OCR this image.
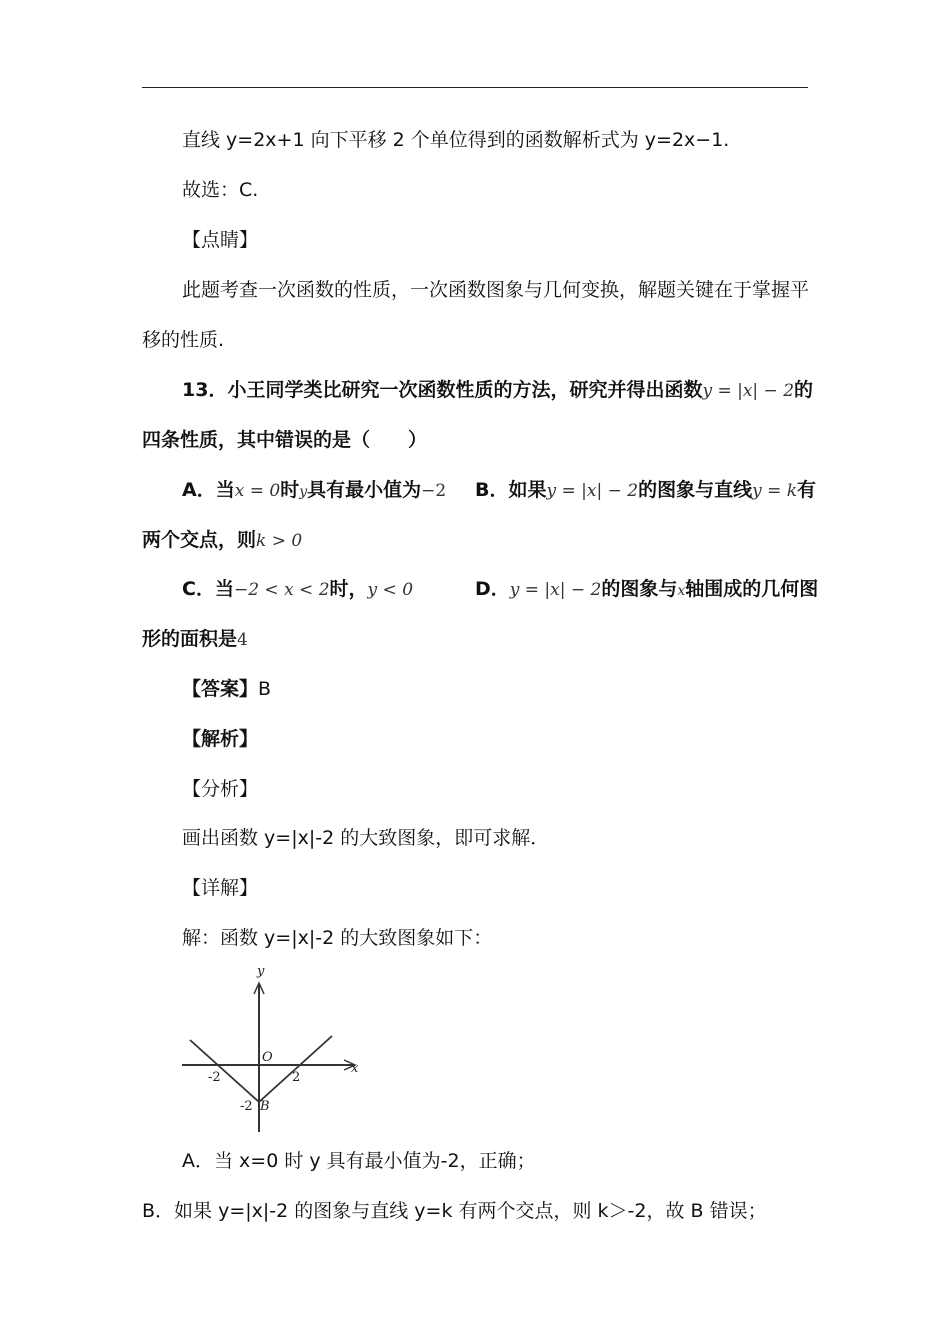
直线 y=2x+1 向下平移 2 个单位得到的函数解析式为 y=2x−1.
故选：C.
【点睛】
此题考查一次函数的性质，一次函数图象与几何变换，解题关键在于掌握平
移的性质.
13．小王同学类比研究一次函数性质的方法，研究并得出函数y = |x| − 2的
四条性质，其中错误的是（　　）
A．当x = 0时y具有最小值为−2 B．如果y = |x| − 2的图象与直线y = k有
两个交点，则k > 0
C．当−2 < x < 2时，y < 0	D．y = |x| − 2的图象与x轴围成的几何图
形的面积是4
【答案】B
【解析】
【分析】
画出函数 y=|x|-2 的大致图象，即可求解．
【详解】
解：函数 y=|x|-2 的大致图象如下：
y
x
O
-2	2
-2 B
A．当 x=0 时 y 具有最小值为-2，正确；
B．如果 y=|x|-2 的图象与直线 y=k 有两个交点，则 k＞-2，故 B 错误；
